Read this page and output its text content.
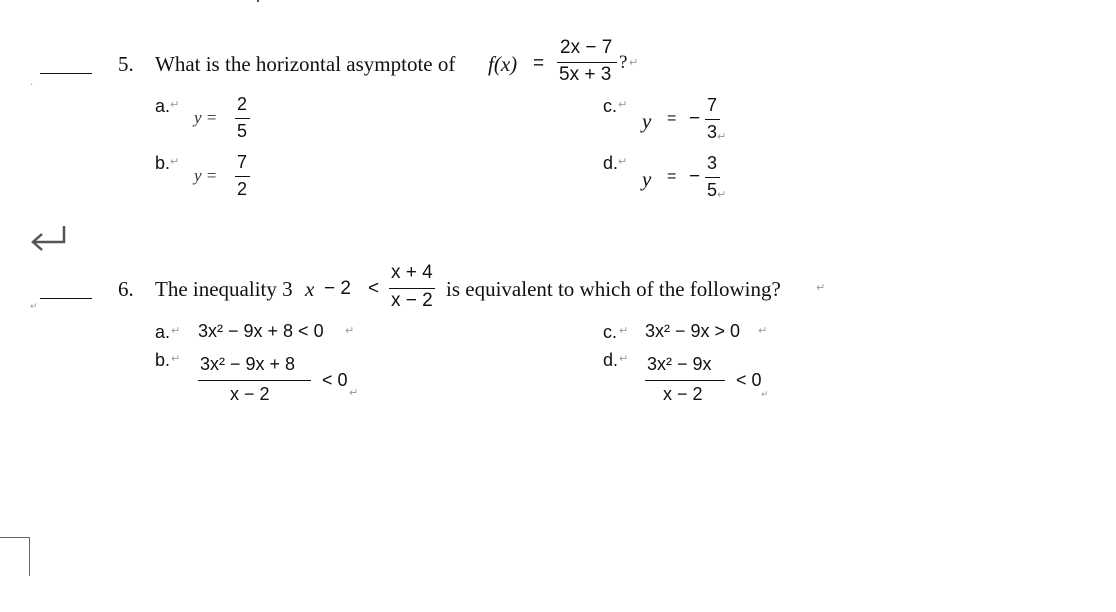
·
5. What is the horizontal asymptote of f(x) =
2x − 7
5x + 3
? ↵
a. ↵
y =
2
5
b. ↵
y =
7
2
c. ↵
y = −
7
3 ↵
d. ↵
y = −
3
5 ↵
↵
6. The inequality 3 x − 2 <
x + 4
x − 2 is equivalent to which of the following?	↵
a. ↵ 3x² − 9x + 8 < 0 ↵
b. ↵ 3x² − 9x + 8
x − 2
< 0
↵
c. ↵ 3x² − 9x > 0 ↵
d. ↵ 3x² − 9x
x − 2
< 0
↵
